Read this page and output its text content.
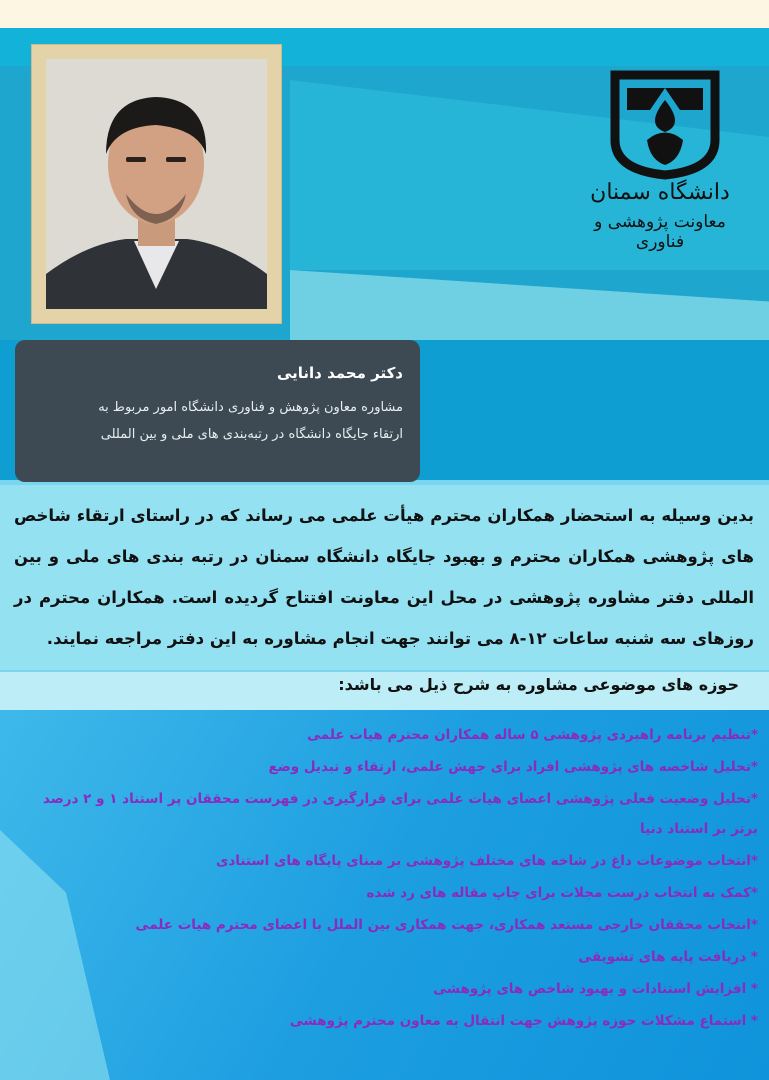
دانشگاه سمنان
معاونت پژوهشی و فناوری
دکتر محمد دانایی
مشاوره معاون پژوهش و فناوری دانشگاه امور مربوط به
ارتقاء جایگاه دانشگاه در رتبه‌بندی های ملی و بین المللی
بدین وسیله به استحضار همکاران محترم هیأت علمی می رساند که در راستای ارتقاء شاخص های پژوهشی همکاران محترم و بهبود جایگاه دانشگاه سمنان در رتبه بندی های ملی و بین المللی دفتر مشاوره پژوهشی در محل این معاونت افتتاح گردیده است. همکاران محترم در روزهای سه شنبه ساعات ۱۲-۸ می توانند جهت انجام مشاوره به این دفتر مراجعه نمایند.
حوزه های موضوعی مشاوره به شرح ذیل می باشد:
*تنظیم برنامه راهبردی پژوهشی ۵ ساله همکاران محترم هیات علمی
*تحلیل شاخصه های پژوهشی افراد برای جهش علمی، ارتقاء و تبدیل وضع
*تحلیل وضعیت فعلی پژوهشی اعضای هیات علمی برای قرارگیری در فهرست محققان پر استناد ۱ و ۲ درصد برتر بر استناد دنیا
*انتخاب موضوعات داغ در شاخه های مختلف پژوهشی بر مبنای پایگاه های استنادی
*کمک به انتخاب درست مجلات برای چاپ مقاله های رد شده
*انتخاب محققان خارجی مستعد همکاری، جهت همکاری بین الملل با اعضای محترم هیات علمی
* دریافت پایه های تشویقی
* افزایش استنادات و بهبود شاخص های پژوهشی
* استماع مشکلات حوزه پژوهش جهت انتقال به معاون محترم پژوهشی
